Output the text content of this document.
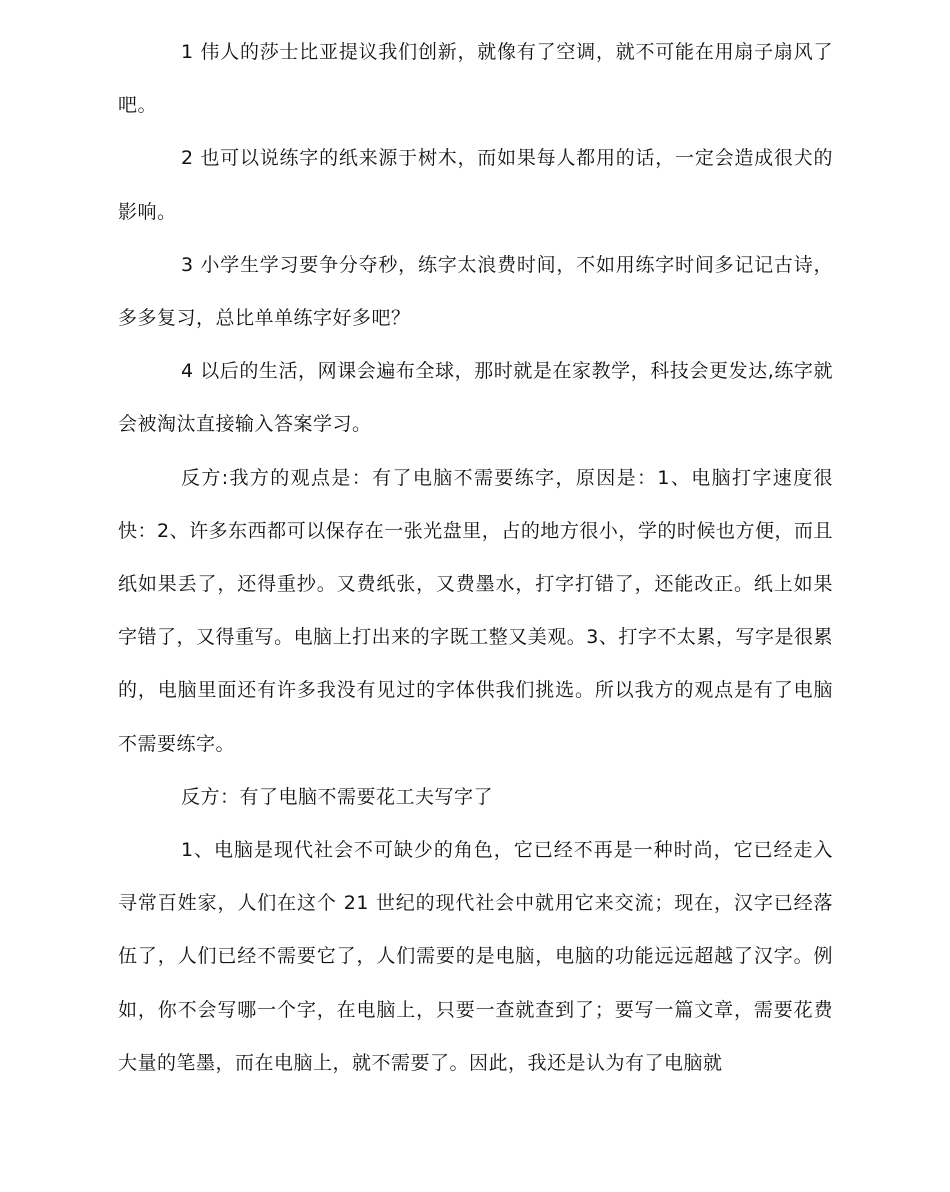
1 伟人的莎士比亚提议我们创新，就像有了空调，就不可能在用扇子扇风了吧。

2 也可以说练字的纸来源于树木，而如果每人都用的话，一定会造成很犬的影响。

3 小学生学习要争分夺秒，练字太浪费时间，不如用练字时间多记记古诗，多多复习，总比单单练字好多吧？

4 以后的生活，网课会遍布全球，那时就是在家教学，科技会更发达,练字就会被淘汰直接输入答案学习。

反方:我方的观点是：有了电脑不需要练字，原因是：1、电脑打字速度很快：2、许多东西都可以保存在一张光盘里，占的地方很小，学的时候也方便，而且纸如果丢了，还得重抄。又费纸张，又费墨水，打字打错了，还能改正。纸上如果字错了，又得重写。电脑上打出来的字既工整又美观。3、打字不太累，写字是很累的，电脑里面还有许多我没有见过的字体供我们挑选。所以我方的观点是有了电脑不需要练字。

反方：有了电脑不需要花工夫写字了

1、电脑是现代社会不可缺少的角色，它已经不再是一种时尚，它已经走入寻常百姓家，人们在这个 21 世纪的现代社会中就用它来交流；现在，汉字已经落伍了，人们已经不需要它了，人们需要的是电脑，电脑的功能远远超越了汉字。例如，你不会写哪一个字，在电脑上，只要一查就查到了；要写一篇文章，需要花费大量的笔墨，而在电脑上，就不需要了。因此，我还是认为有了电脑就
